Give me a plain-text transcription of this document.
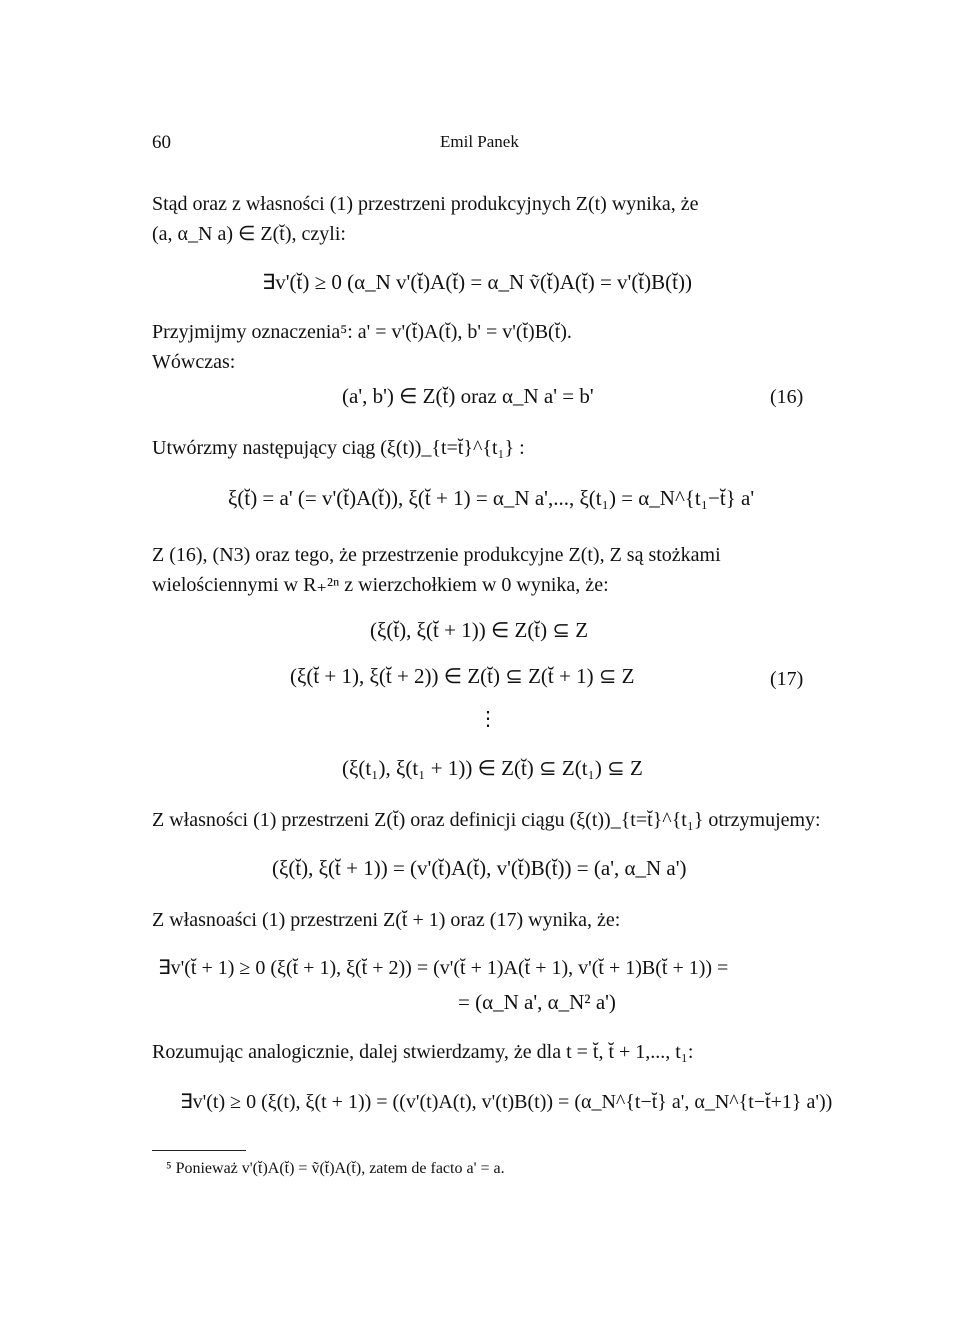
60	Emil Panek
Stąd oraz z własności (1) przestrzeni produkcyjnych Z(t) wynika, że
(a, α_N a) ∈ Z(t̆), czyli:
∃v'(t̆) ≥ 0 (α_N v'(t̆)A(t̆) = α_N ṽ(t̆)A(t̆) = v'(t̆)B(t̆))
Przyjmijmy oznaczenia⁵: a' = v'(t̆)A(t̆), b' = v'(t̆)B(t̆).
Wówczas:
(a', b') ∈ Z(t̆) oraz α_N a' = b'	(16)
Utwórzmy następujący ciąg (ξ(t))_{t=t̆}^{t₁} :
ξ(t̆) = a' (= v'(t̆)A(t̆)), ξ(t̆ + 1) = α_N a',..., ξ(t₁) = α_N^{t₁−t̆} a'
Z (16), (N3) oraz tego, że przestrzenie produkcyjne Z(t), Z są stożkami wielościennymi w R₊²ⁿ z wierzchołkiem w 0 wynika, że:
(ξ(t̆), ξ(t̆ + 1)) ∈ Z(t̆) ⊆ Z
(ξ(t̆ + 1), ξ(t̆ + 2)) ∈ Z(t̆) ⊆ Z(t̆ + 1) ⊆ Z	(17)
⋮
(ξ(t₁), ξ(t₁ + 1)) ∈ Z(t̆) ⊆ Z(t₁) ⊆ Z
Z własności (1) przestrzeni Z(t̆) oraz definicji ciągu (ξ(t))_{t=t̆}^{t₁} otrzymujemy:
(ξ(t̆), ξ(t̆ + 1)) = (v'(t̆)A(t̆), v'(t̆)B(t̆)) = (a', α_N a')
Z własnoaści (1) przestrzeni Z(t̆ + 1) oraz (17) wynika, że:
∃v'(t̆ + 1) ≥ 0 (ξ(t̆ + 1), ξ(t̆ + 2)) = (v'(t̆ + 1)A(t̆ + 1), v'(t̆ + 1)B(t̆ + 1)) =
= (α_N a', α_N² a')
Rozumując analogicznie, dalej stwierdzamy, że dla t = t̆, t̆ + 1,..., t₁:
∃v'(t) ≥ 0 (ξ(t), ξ(t + 1)) = ((v'(t)A(t), v'(t)B(t)) = (α_N^{t−t̆} a', α_N^{t−t̆+1} a'))
⁵ Ponieważ v'(t̆)A(t̆) = ṽ(t̆)A(t̆), zatem de facto a' = a.
